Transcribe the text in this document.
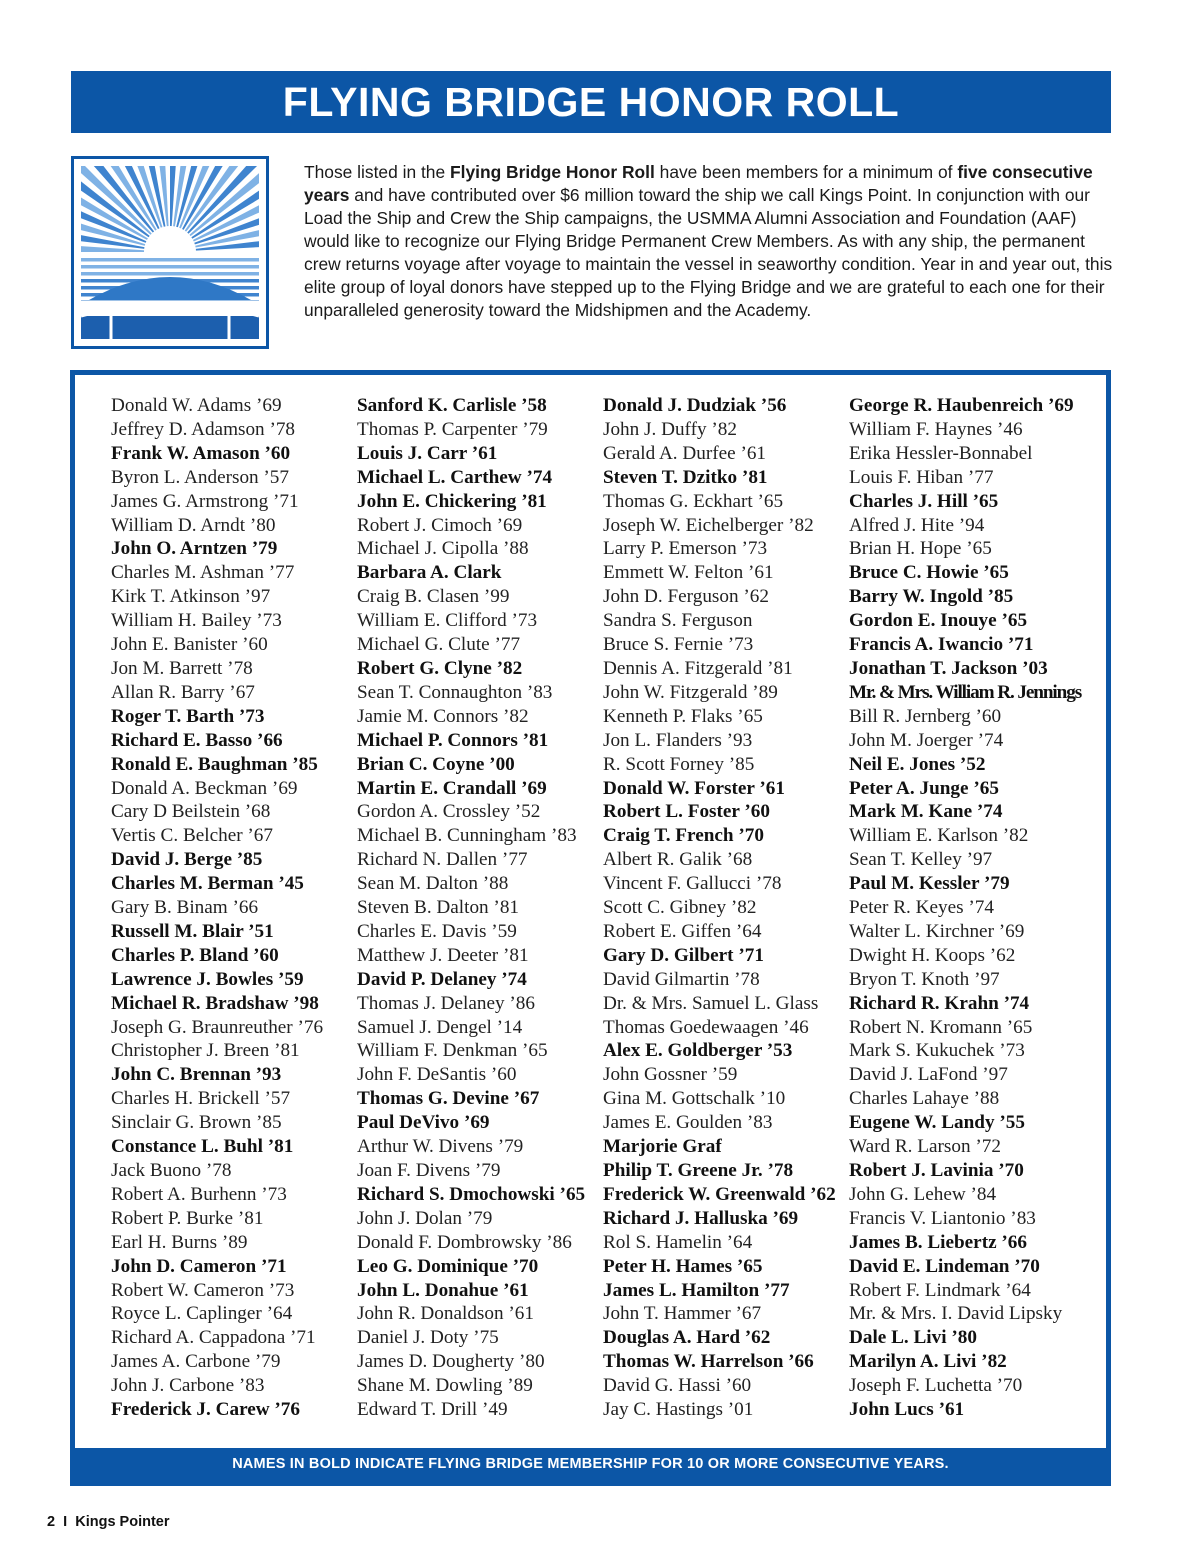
FLYING BRIDGE HONOR ROLL
Those listed in the Flying Bridge Honor Roll have been members for a minimum of five consecutive years and have contributed over $6 million toward the ship we call Kings Point. In conjunction with our Load the Ship and Crew the Ship campaigns, the USMMA Alumni Association and Foundation (AAF) would like to recognize our Flying Bridge Permanent Crew Members. As with any ship, the permanent crew returns voyage after voyage to maintain the vessel in seaworthy condition. Year in and year out, this elite group of loyal donors have stepped up to the Flying Bridge and we are grateful to each one for their unparalleled generosity toward the Midshipmen and the Academy.
Donald W. Adams ’69
Jeffrey D. Adamson ’78
Frank W. Amason ’60
Byron L. Anderson ’57
James G. Armstrong ’71
William D. Arndt ’80
John O. Arntzen ’79
Charles M. Ashman ’77
Kirk T. Atkinson ’97
William H. Bailey ’73
John E. Banister ’60
Jon M. Barrett ’78
Allan R. Barry ’67
Roger T. Barth ’73
Richard E. Basso ’66
Ronald E. Baughman ’85
Donald A. Beckman ’69
Cary D Beilstein ’68
Vertis C. Belcher ’67
David J. Berge ’85
Charles M. Berman ’45
Gary B. Binam ’66
Russell M. Blair ’51
Charles P. Bland ’60
Lawrence J. Bowles ’59
Michael R. Bradshaw ’98
Joseph G. Braunreuther ’76
Christopher J. Breen ’81
John C. Brennan ’93
Charles H. Brickell ’57
Sinclair G. Brown ’85
Constance L. Buhl ’81
Jack Buono ’78
Robert A. Burhenn ’73
Robert P. Burke ’81
Earl H. Burns ’89
John D. Cameron ’71
Robert W. Cameron ’73
Royce L. Caplinger ’64
Richard A. Cappadona ’71
James A. Carbone ’79
John J. Carbone ’83
Frederick J. Carew ’76
Sanford K. Carlisle ’58
Thomas P. Carpenter ’79
Louis J. Carr ’61
Michael L. Carthew ’74
John E. Chickering ’81
Robert J. Cimoch ’69
Michael J. Cipolla ’88
Barbara A. Clark
Craig B. Clasen ’99
William E. Clifford ’73
Michael G. Clute ’77
Robert G. Clyne ’82
Sean T. Connaughton ’83
Jamie M. Connors ’82
Michael P. Connors ’81
Brian C. Coyne ’00
Martin E. Crandall ’69
Gordon A. Crossley ’52
Michael B. Cunningham ’83
Richard N. Dallen ’77
Sean M. Dalton ’88
Steven B. Dalton ’81
Charles E. Davis ’59
Matthew J. Deeter ’81
David P. Delaney ’74
Thomas J. Delaney ’86
Samuel J. Dengel ’14
William F. Denkman ’65
John F. DeSantis ’60
Thomas G. Devine ’67
Paul DeVivo ’69
Arthur W. Divens ’79
Joan F. Divens ’79
Richard S. Dmochowski ’65
John J. Dolan ’79
Donald F. Dombrowsky ’86
Leo G. Dominique ’70
John L. Donahue ’61
John R. Donaldson ’61
Daniel J. Doty ’75
James D. Dougherty ’80
Shane M. Dowling ’89
Edward T. Drill ’49
Donald J. Dudziak ’56
John J. Duffy ’82
Gerald A. Durfee ’61
Steven T. Dzitko ’81
Thomas G. Eckhart ’65
Joseph W. Eichelberger ’82
Larry P. Emerson ’73
Emmett W. Felton ’61
John D. Ferguson ’62
Sandra S. Ferguson
Bruce S. Fernie ’73
Dennis A. Fitzgerald ’81
John W. Fitzgerald ’89
Kenneth P. Flaks ’65
Jon L. Flanders ’93
R. Scott Forney ’85
Donald W. Forster ’61
Robert L. Foster ’60
Craig T. French ’70
Albert R. Galik ’68
Vincent F. Gallucci ’78
Scott C. Gibney ’82
Robert E. Giffen ’64
Gary D. Gilbert ’71
David Gilmartin ’78
Dr. & Mrs. Samuel L. Glass
Thomas Goedewaagen ’46
Alex E. Goldberger ’53
John Gossner ’59
Gina M. Gottschalk ’10
James E. Goulden ’83
Marjorie Graf
Philip T. Greene Jr. ’78
Frederick W. Greenwald ’62
Richard J. Halluska ’69
Rol S. Hamelin ’64
Peter H. Hames ’65
James L. Hamilton ’77
John T. Hammer ’67
Douglas A. Hard ’62
Thomas W. Harrelson ’66
David G. Hassi ’60
Jay C. Hastings ’01
George R. Haubenreich ’69
William F. Haynes ’46
Erika Hessler-Bonnabel
Louis F. Hiban ’77
Charles J. Hill ’65
Alfred J. Hite ’94
Brian H. Hope ’65
Bruce C. Howie ’65
Barry W. Ingold ’85
Gordon E. Inouye ’65
Francis A. Iwancio ’71
Jonathan T. Jackson ’03
Mr. & Mrs. William R. Jennings
Bill R. Jernberg ’60
John M. Joerger ’74
Neil E. Jones ’52
Peter A. Junge ’65
Mark M. Kane ’74
William E. Karlson ’82
Sean T. Kelley ’97
Paul M. Kessler ’79
Peter R. Keyes ’74
Walter L. Kirchner ’69
Dwight H. Koops ’62
Bryon T. Knoth ’97
Richard R. Krahn ’74
Robert N. Kromann ’65
Mark S. Kukuchek ’73
David J. LaFond ’97
Charles Lahaye ’88
Eugene W. Landy ’55
Ward R. Larson ’72
Robert J. Lavinia ’70
John G. Lehew ’84
Francis V. Liantonio ’83
James B. Liebertz ’66
David E. Lindeman ’70
Robert F. Lindmark ’64
Mr. & Mrs. I. David Lipsky
Dale L. Livi ’80
Marilyn A. Livi ’82
Joseph F. Luchetta ’70
John Lucs ’61
NAMES IN BOLD INDICATE FLYING BRIDGE MEMBERSHIP FOR 10 OR MORE CONSECUTIVE YEARS.
2 I Kings Pointer
